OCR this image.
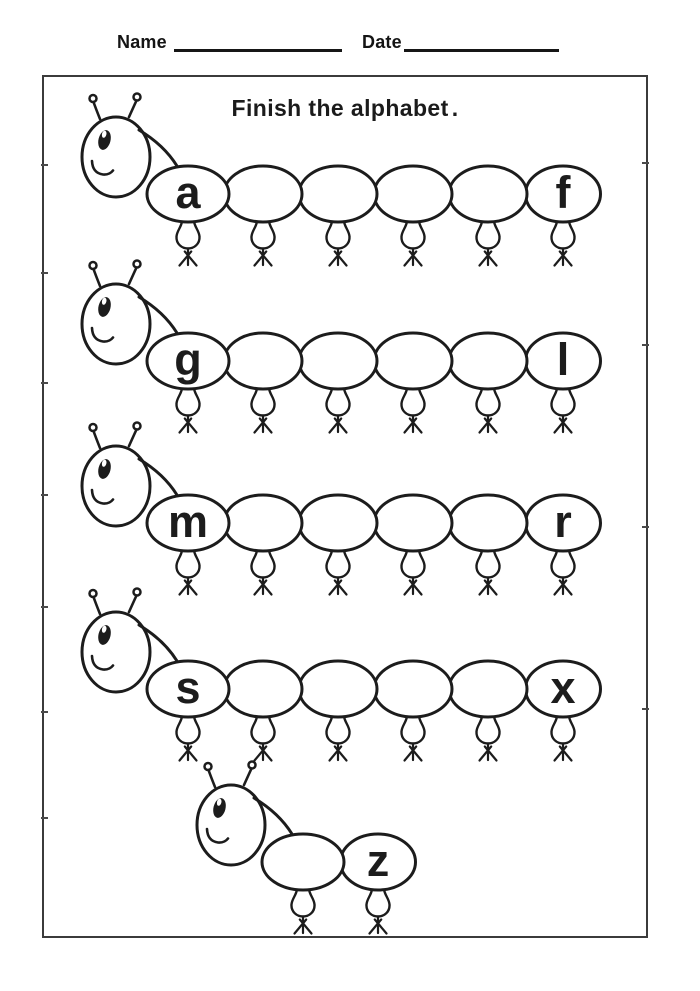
Name	Date
Finish the alphabet .
a	f
g	l
m	r
s	x
z
